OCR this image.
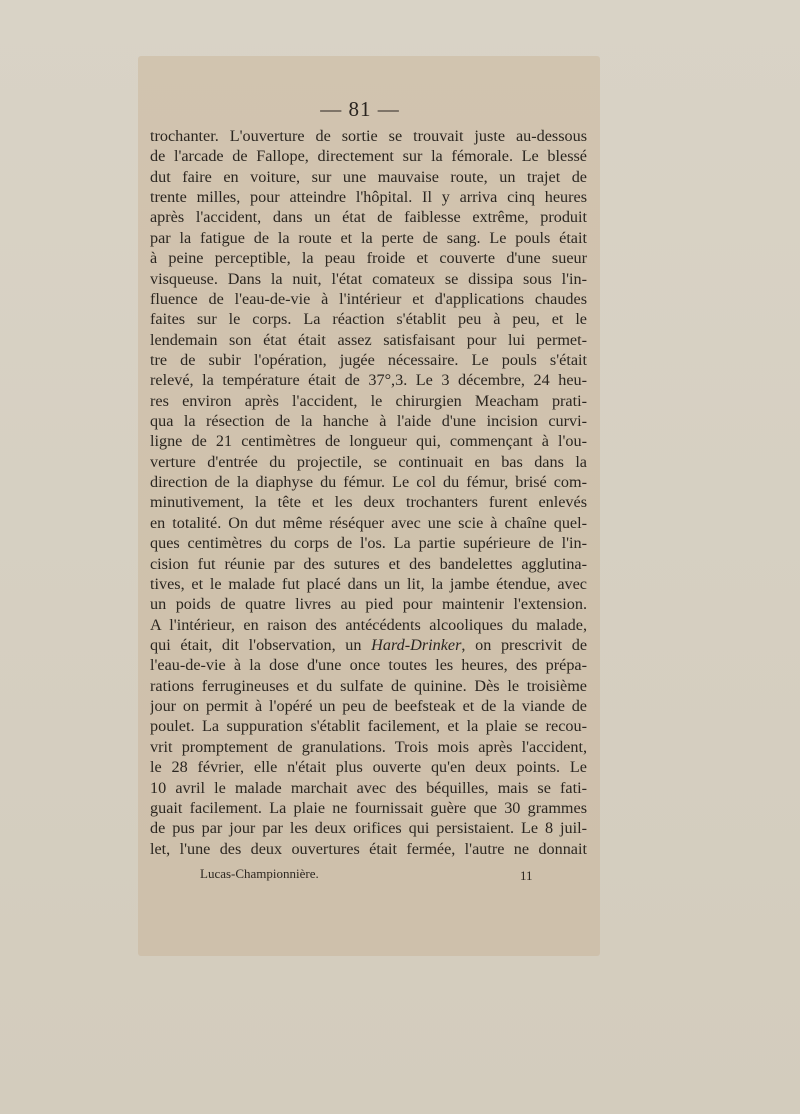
— 81 —
trochanter. L'ouverture de sortie se trouvait juste au-dessous
de l'arcade de Fallope, directement sur la fémorale. Le blessé
dut faire en voiture, sur une mauvaise route, un trajet de
trente milles, pour atteindre l'hôpital. Il y arriva cinq heures
après l'accident, dans un état de faiblesse extrême, produit
par la fatigue de la route et la perte de sang. Le pouls était
à peine perceptible, la peau froide et couverte d'une sueur
visqueuse. Dans la nuit, l'état comateux se dissipa sous l'in-
fluence de l'eau-de-vie à l'intérieur et d'applications chaudes
faites sur le corps. La réaction s'établit peu à peu, et le
lendemain son état était assez satisfaisant pour lui permet-
tre de subir l'opération, jugée nécessaire. Le pouls s'était
relevé, la température était de 37°,3. Le 3 décembre, 24 heu-
res environ après l'accident, le chirurgien Meacham prati-
qua la résection de la hanche à l'aide d'une incision curvi-
ligne de 21 centimètres de longueur qui, commençant à l'ou-
verture d'entrée du projectile, se continuait en bas dans la
direction de la diaphyse du fémur. Le col du fémur, brisé com-
minutivement, la tête et les deux trochanters furent enlevés
en totalité. On dut même réséquer avec une scie à chaîne quel-
ques centimètres du corps de l'os. La partie supérieure de l'in-
cision fut réunie par des sutures et des bandelettes agglutina-
tives, et le malade fut placé dans un lit, la jambe étendue, avec
un poids de quatre livres au pied pour maintenir l'extension.
A l'intérieur, en raison des antécédents alcooliques du malade,
qui était, dit l'observation, un Hard-Drinker, on prescrivit de
l'eau-de-vie à la dose d'une once toutes les heures, des prépa-
rations ferrugineuses et du sulfate de quinine. Dès le troisième
jour on permit à l'opéré un peu de beefsteak et de la viande de
poulet. La suppuration s'établit facilement, et la plaie se recou-
vrit promptement de granulations. Trois mois après l'accident,
le 28 février, elle n'était plus ouverte qu'en deux points. Le
10 avril le malade marchait avec des béquilles, mais se fati-
guait facilement. La plaie ne fournissait guère que 30 grammes
de pus par jour par les deux orifices qui persistaient. Le 8 juil-
let, l'une des deux ouvertures était fermée, l'autre ne donnait
Lucas-Championnière.	11
